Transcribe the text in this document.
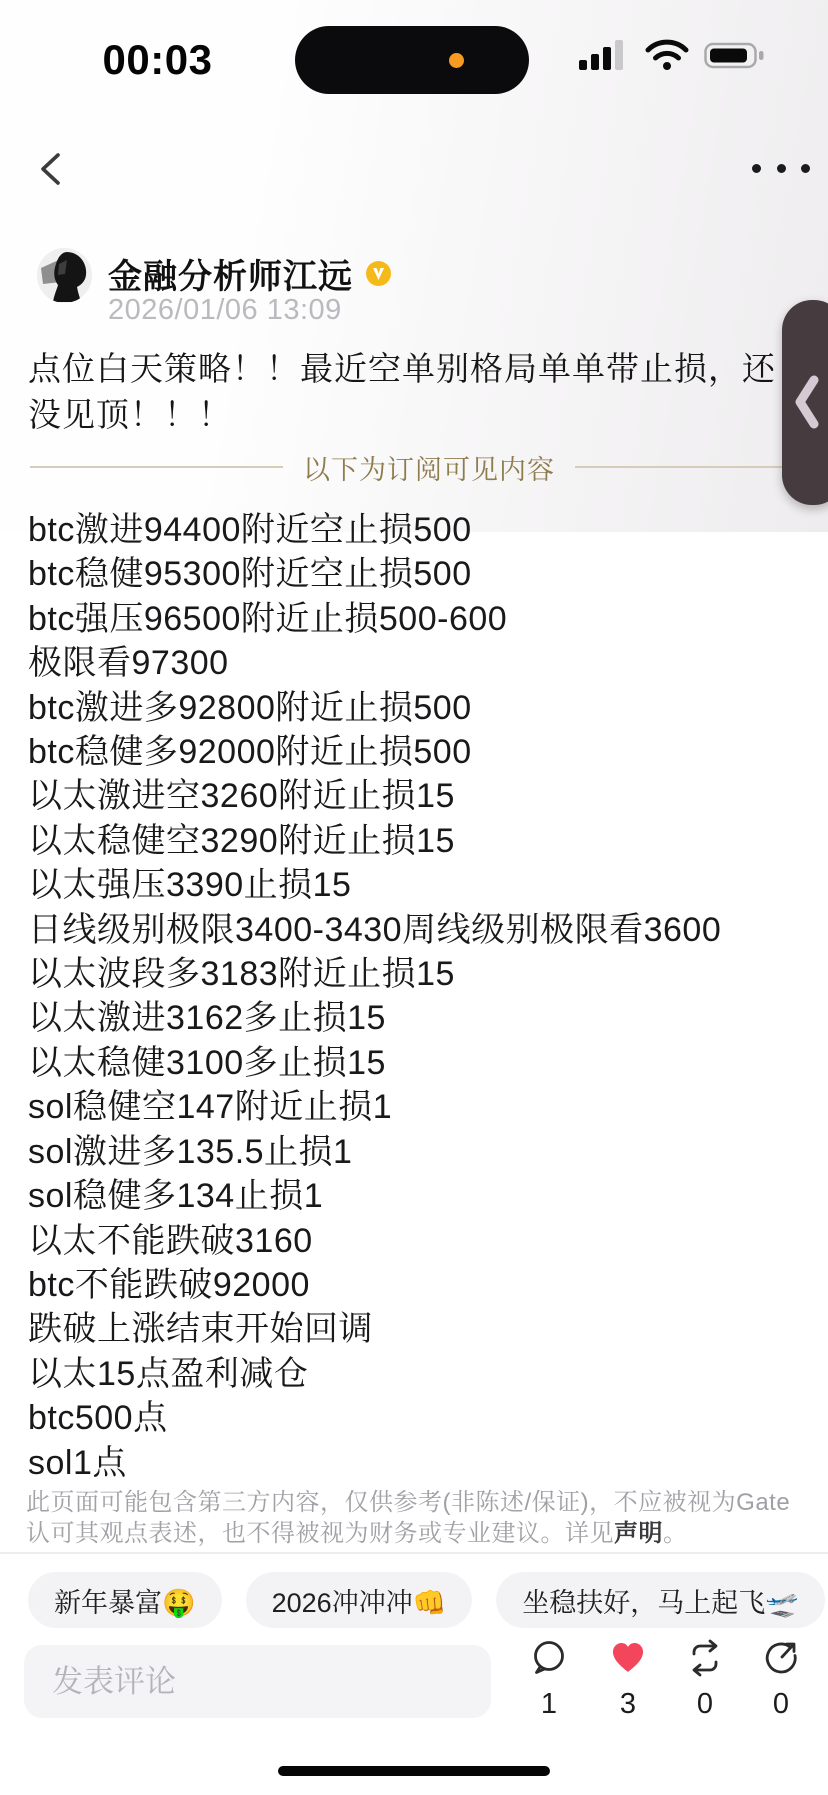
00:03
金融分析师江远
2026/01/06 13:09
点位白天策略！！最近空单别格局单单带止损，还没见顶！！！
以下为订阅可见内容
btc激进94400附近空止损500
btc稳健95300附近空止损500
btc强压96500附近止损500-600
极限看97300
btc激进多92800附近止损500
btc稳健多92000附近止损500
以太激进空3260附近止损15
以太稳健空3290附近止损15
以太强压3390止损15
日线级别极限3400-3430周线级别极限看3600
以太波段多3183附近止损15
以太激进3162多止损15
以太稳健3100多止损15
sol稳健空147附近止损1
sol激进多135.5止损1
sol稳健多134止损1
以太不能跌破3160
btc不能跌破92000
跌破上涨结束开始回调
以太15点盈利减仓
btc500点
sol1点
此页面可能包含第三方内容，仅供参考(非陈述/保证)，不应被视为Gate认可其观点表述，也不得被视为财务或专业建议。详见声明。
新年暴富🤑	2026冲冲冲👊	坐稳扶好，马上起飞🛫
发表评论
1	3	0	0
